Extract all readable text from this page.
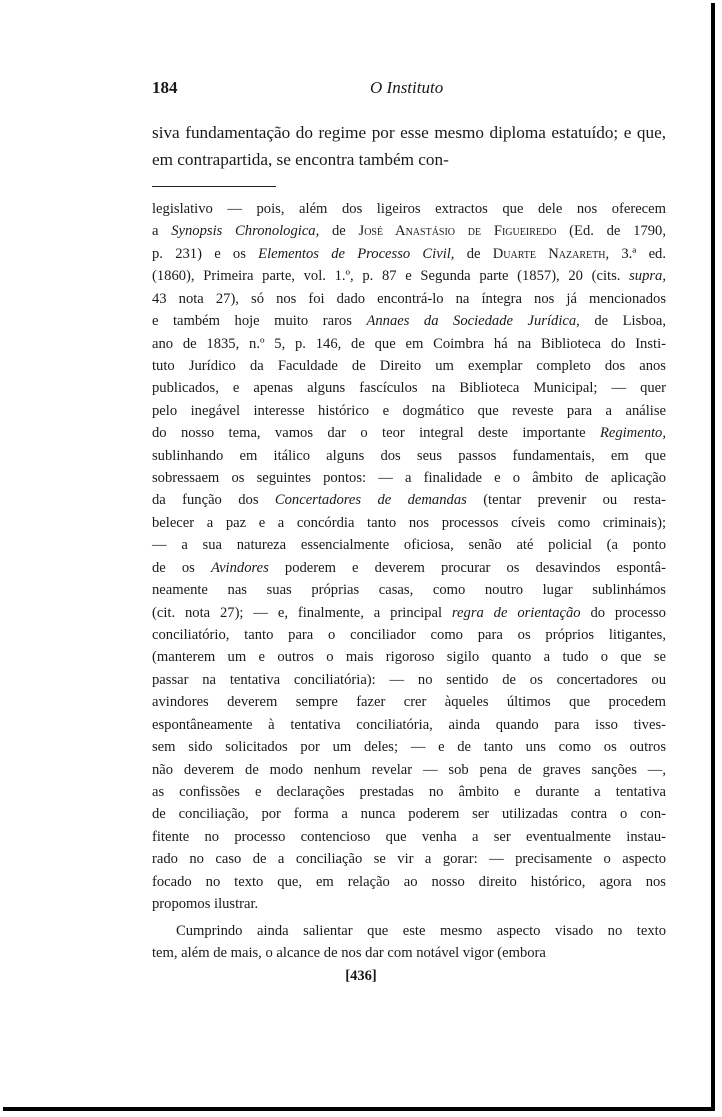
184	O Instituto

siva fundamentação do regime por esse mesmo diploma estatuído; e que, em contrapartida, se encontra também con-

legislativo — pois, além dos ligeiros extractos que dele nos oferecem
a Synopsis Chronologica, de José Anastásio de Figueiredo (Ed. de 1790,
p. 231) e os Elementos de Processo Civil, de Duarte Nazareth, 3.ª ed.
(1860), Primeira parte, vol. 1.º, p. 87 e Segunda parte (1857), 20 (cits. supra,
43 nota 27), só nos foi dado encontrá-lo na íntegra nos já mencionados
e também hoje muito raros Annaes da Sociedade Jurídica, de Lisboa,
ano de 1835, n.º 5, p. 146, de que em Coimbra há na Biblioteca do Insti-
tuto Jurídico da Faculdade de Direito um exemplar completo dos anos
publicados, e apenas alguns fascículos na Biblioteca Municipal; — quer
pelo inegável interesse histórico e dogmático que reveste para a análise
do nosso tema, vamos dar o teor integral deste importante Regimento,
sublinhando em itálico alguns dos seus passos fundamentais, em que
sobressaem os seguintes pontos: — a finalidade e o âmbito de aplicação
da função dos Concertadores de demandas (tentar prevenir ou resta-
belecer a paz e a concórdia tanto nos processos cíveis como criminais);
— a sua natureza essencialmente oficiosa, senão até policial (a ponto
de os Avindores poderem e deverem procurar os desavindos espontâ-
neamente nas suas próprias casas, como noutro lugar sublinhámos
(cit. nota 27); — e, finalmente, a principal regra de orientação do processo
conciliatório, tanto para o conciliador como para os próprios litigantes,
(manterem um e outros o mais rigoroso sigilo quanto a tudo o que se
passar na tentativa conciliatória): — no sentido de os concertadores ou
avindores deverem sempre fazer crer àqueles últimos que procedem
espontâneamente à tentativa conciliatória, ainda quando para isso tives-
sem sido solicitados por um deles; — e de tanto uns como os outros
não deverem de modo nenhum revelar — sob pena de graves sanções —,
as confissões e declarações prestadas no âmbito e durante a tentativa
de conciliação, por forma a nunca poderem ser utilizadas contra o con-
fitente no processo contencioso que venha a ser eventualmente instau-
rado no caso de a conciliação se vir a gorar: — precisamente o aspecto
focado no texto que, em relação ao nosso direito histórico, agora nos
propomos ilustrar.
Cumprindo ainda salientar que este mesmo aspecto visado no texto
tem, além de mais, o alcance de nos dar com notável vigor (embora
[436]
